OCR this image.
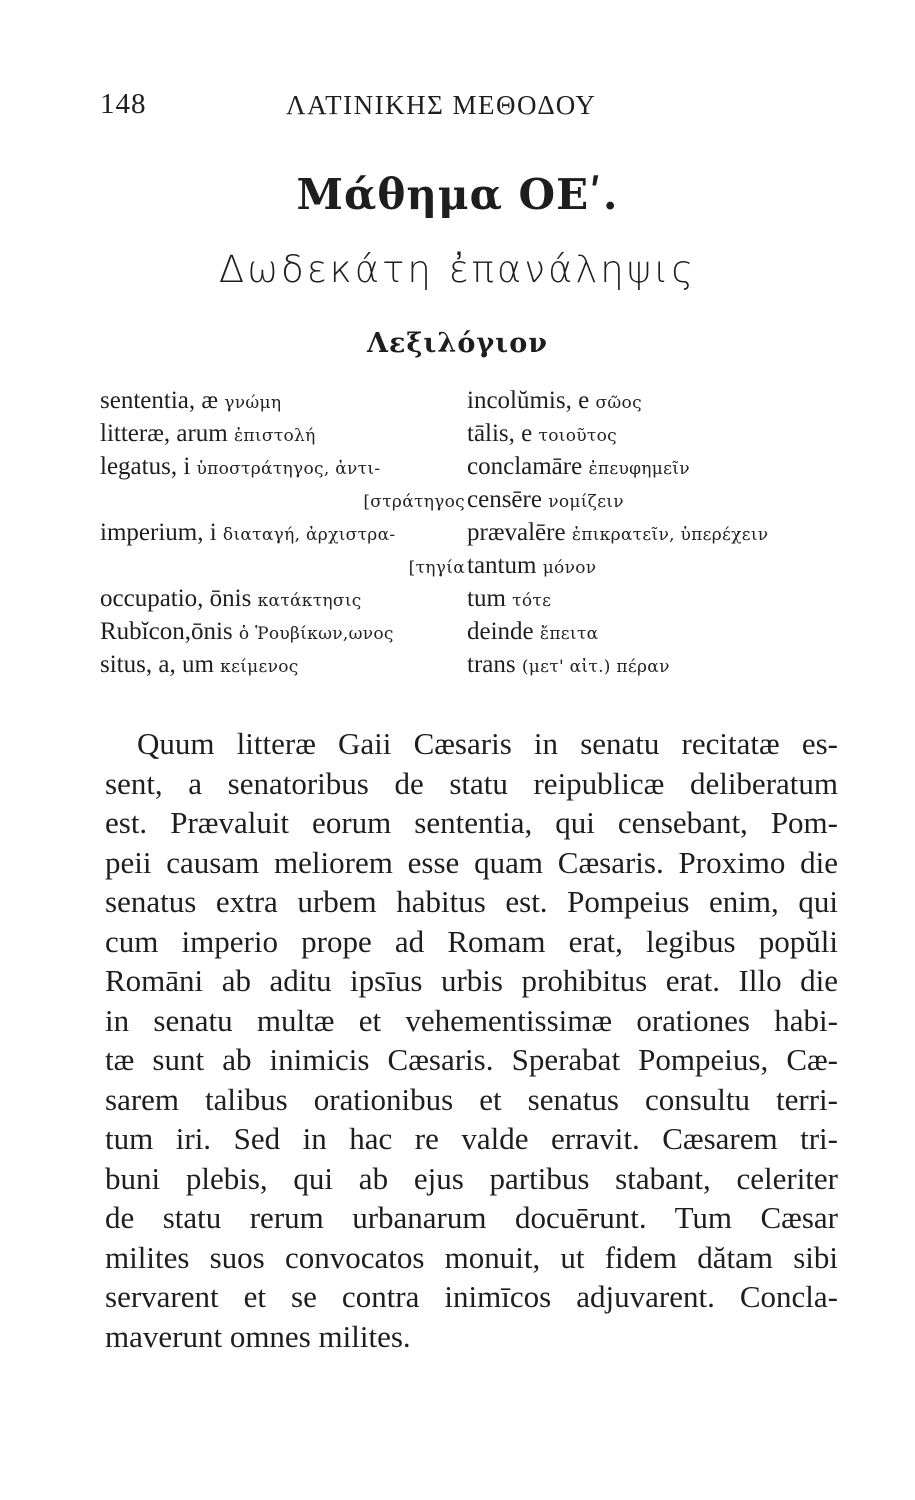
148	ΛΑΤΙΝΙΚΗΣ ΜΕΘΟΔΟΥ
Μάθημα ΟΕʹ.
Δωδεκάτη ἐπανάληψις
Λεξιλόγιον
sententia, æ γνώμη
litteræ, arum ἐπιστολή
legatus, i ὑποστράτηγος, ἀντι-
[στράτηγος
imperium, i διαταγή, ἀρχιστρα-
[τηγία
occupatio, ōnis κατάκτησις
Rubĭcon,ōnis ὁ Ῥουβίκων,ωνος
situs, a, um κείμενος
incolŭmis, e σῶος
tālis, e τοιοῦτος
conclamāre ἐπευφημεῖν
censēre νομίζειν
prævalēre ἐπικρατεῖν, ὑπερέχειν
tantum μόνον
tum τότε
deinde ἔπειτα
trans (μετ' αἰτ.) πέραν
Quum litteræ Gaii Cæsaris in senatu recitatæ es-
sent, a senatoribus de statu reipublicæ deliberatum
est. Prævaluit eorum sententia, qui censebant, Pom-
peii causam meliorem esse quam Cæsaris. Proximo die
senatus extra urbem habitus est. Pompeius enim, qui
cum imperio prope ad Romam erat, legibus popŭli
Romāni ab aditu ipsīus urbis prohibitus erat. Illo die
in senatu multæ et vehementissimæ orationes habi-
tæ sunt ab inimicis Cæsaris. Sperabat Pompeius, Cæ-
sarem talibus orationibus et senatus consultu terri-
tum iri. Sed in hac re valde erravit. Cæsarem tri-
buni plebis, qui ab ejus partibus stabant, celeriter
de statu rerum urbanarum docuērunt. Tum Cæsar
milites suos convocatos monuit, ut fidem dătam sibi
servarent et se contra inimīcos adjuvarent. Concla-
maverunt omnes milites.
